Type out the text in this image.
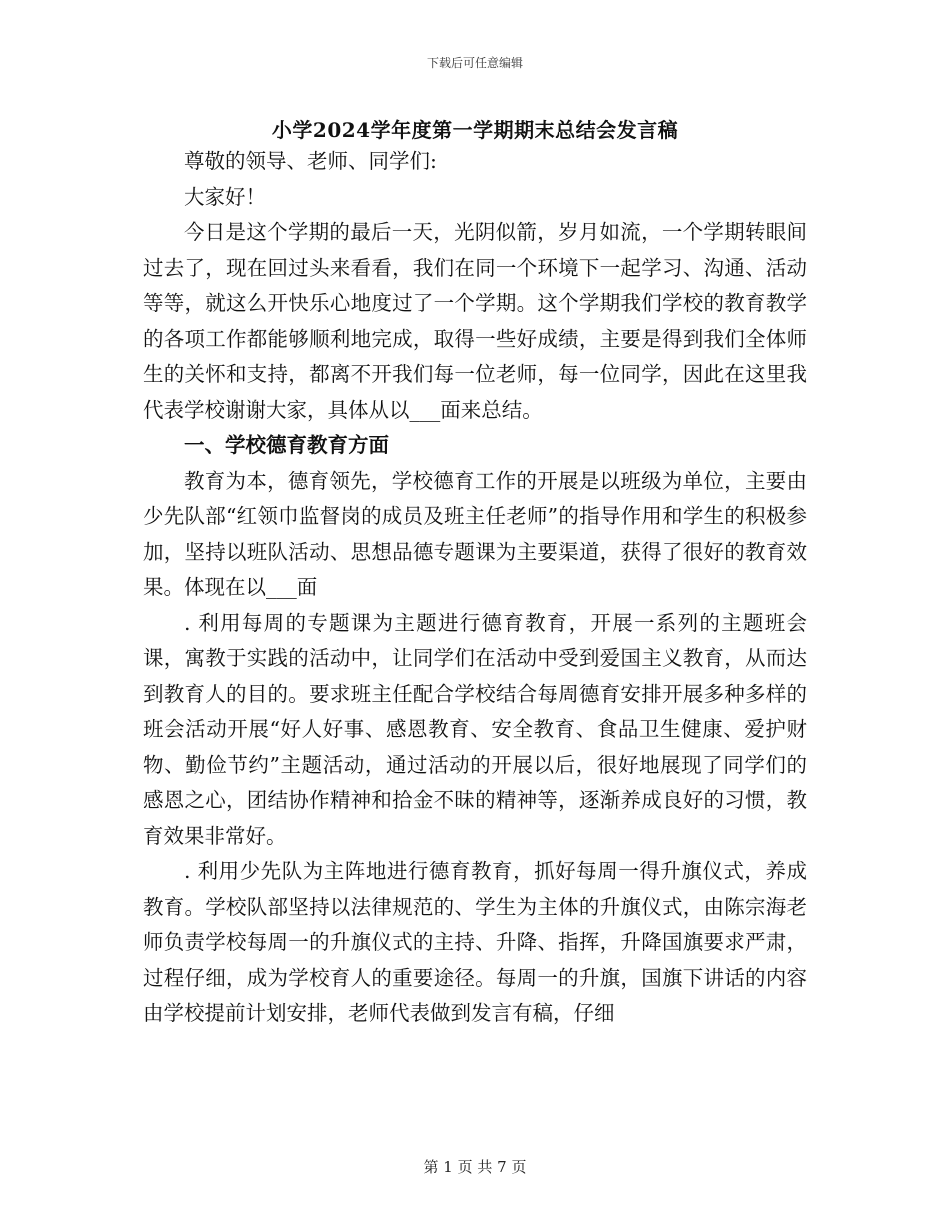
下载后可任意编辑
小学2024学年度第一学期期末总结会发言稿

尊敬的领导、老师、同学们:

大家好！

今日是这个学期的最后一天，光阴似箭，岁月如流，一个学期转眼间过去了，现在回过头来看看，我们在同一个环境下一起学习、沟通、活动等等，就这么开快乐心地度过了一个学期。这个学期我们学校的教育教学的各项工作都能够顺利地完成，取得一些好成绩，主要是得到我们全体师生的关怀和支持，都离不开我们每一位老师，每一位同学，因此在这里我代表学校谢谢大家，具体从以___面来总结。

一、学校德育教育方面

教育为本，德育领先，学校德育工作的开展是以班级为单位，主要由少先队部“红领巾监督岗的成员及班主任老师”的指导作用和学生的积极参加，坚持以班队活动、思想品德专题课为主要渠道，获得了很好的教育效果。体现在以___面

. 利用每周的专题课为主题进行德育教育，开展一系列的主题班会课，寓教于实践的活动中，让同学们在活动中受到爱国主义教育，从而达到教育人的目的。要求班主任配合学校结合每周德育安排开展多种多样的班会活动开展“好人好事、感恩教育、安全教育、食品卫生健康、爱护财物、勤俭节约”主题活动，通过活动的开展以后，很好地展现了同学们的感恩之心，团结协作精神和拾金不昧的精神等，逐渐养成良好的习惯，教育效果非常好。

. 利用少先队为主阵地进行德育教育，抓好每周一得升旗仪式，养成教育。学校队部坚持以法律规范的、学生为主体的升旗仪式，由陈宗海老师负责学校每周一的升旗仪式的主持、升降、指挥，升降国旗要求严肃，过程仔细，成为学校育人的重要途径。每周一的升旗，国旗下讲话的内容由学校提前计划安排，老师代表做到发言有稿，仔细

第 1 页 共 7 页
